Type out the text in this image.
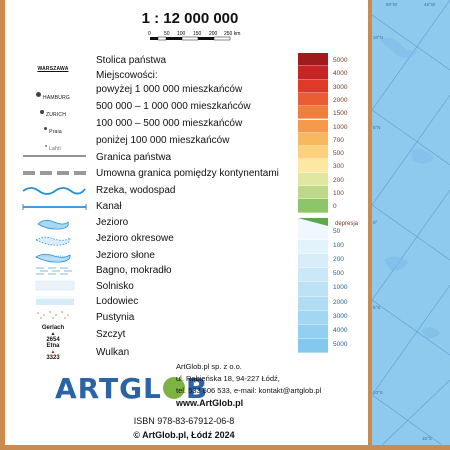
50°W	45°W
10°N
5°N
0°
5°S
10°S
15°S
1 : 12 000 000
0	50 100 150 200 250 km
WARSZAWA
Stolica państwa
Miejscowości:
HAMBURG
powyżej 1 000 000 mieszkańców
ZURICH
500 000 – 1 000 000 mieszkańców
Praia
100 000 – 500 000 mieszkańców
Lahti
poniżej 100 000 mieszkańców
Granica państwa
Umowna granica pomiędzy kontynentami
Rzeka, wodospad
Kanał
Jezioro
Jezioro okresowe
Jezioro słone
Bagno, mokradło
Solnisko
Lodowiec
Pustynia
Gerlach
▲
2654	Szczyt
Etna
▲
3323	Wulkan
5000
4000
3000
2000
1500
1000
700
500
300
200
100
0
50
100
200
500
1000
2000
3000
4000
5000
depresja
ARTGL B
ArtGlob.pl sp. z o.o.
ul. Rąbieńska 18, 94-227 Łódź,
tel. 533 606 533, e-mail: kontakt@artglob.pl
www.ArtGlob.pl
ISBN 978-83-67912-06-8
© ArtGlob.pl, Łódź 2024
